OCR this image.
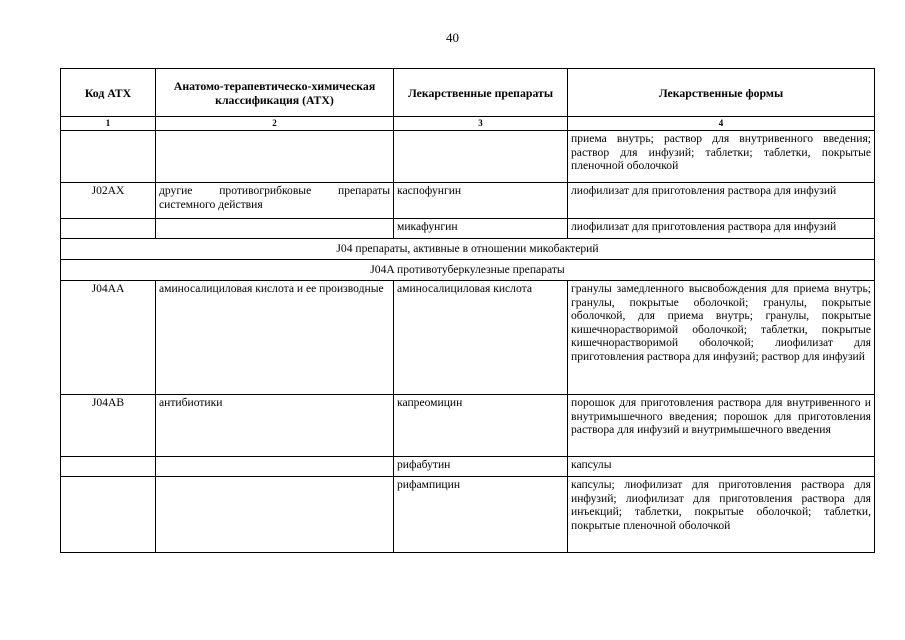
40
Код АТХ	Анатомо-терапевтическо-химическая классификация (АТХ)	Лекарственные препараты	Лекарственные формы
1	2	3	4
			приема внутрь; раствор для внутривенного введения; раствор для инфузий; таблетки; таблетки, покрытые пленочной оболочкой
J02AX	другие противогрибковые препараты системного действия	каспофунгин	лиофилизат для приготовления раствора для инфузий
		микафунгин	лиофилизат для приготовления раствора для инфузий
J04 препараты, активные в отношении микобактерий			
J04A противотуберкулезные препараты			
J04AA	аминосалициловая кислота и ее производные	аминосалициловая кислота	гранулы замедленного высвобождения для приема внутрь; гранулы, покрытые оболочкой; гранулы, покрытые оболочкой, для приема внутрь; гранулы, покрытые кишечнорастворимой оболочкой; таблетки, покрытые кишечнорастворимой оболочкой; лиофилизат для приготовления раствора для инфузий; раствор для инфузий
J04AB	антибиотики	капреомицин	порошок для приготовления раствора для внутривенного и внутримышечного введения; порошок для приготовления раствора для инфузий и внутримышечного введения
		рифабутин	капсулы
		рифампицин	капсулы; лиофилизат для приготовления раствора для инфузий; лиофилизат для приготовления раствора для инъекций; таблетки, покрытые оболочкой; таблетки, покрытые пленочной оболочкой
